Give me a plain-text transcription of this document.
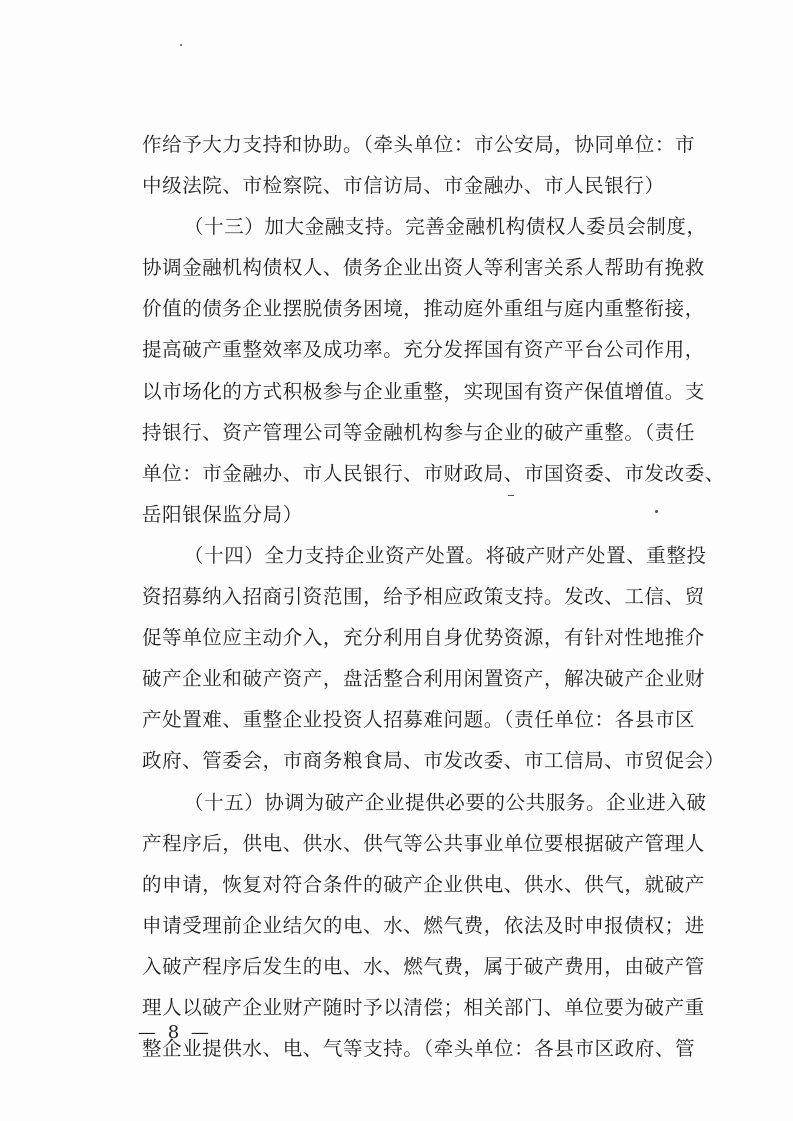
作给予大力支持和协助。（牵头单位：市公安局，协同单位：市
中级法院、市检察院、市信访局、市金融办、市人民银行）
（十三）加大金融支持。完善金融机构债权人委员会制度，
协调金融机构债权人、债务企业出资人等利害关系人帮助有挽救
价值的债务企业摆脱债务困境，推动庭外重组与庭内重整衔接，
提高破产重整效率及成功率。充分发挥国有资产平台公司作用，
以市场化的方式积极参与企业重整，实现国有资产保值增值。支
持银行、资产管理公司等金融机构参与企业的破产重整。（责任
单位：市金融办、市人民银行、市财政局、市国资委、市发改委、
岳阳银保监分局）
（十四）全力支持企业资产处置。将破产财产处置、重整投
资招募纳入招商引资范围，给予相应政策支持。发改、工信、贸
促等单位应主动介入，充分利用自身优势资源，有针对性地推介
破产企业和破产资产，盘活整合利用闲置资产，解决破产企业财
产处置难、重整企业投资人招募难问题。（责任单位：各县市区
政府、管委会，市商务粮食局、市发改委、市工信局、市贸促会）
（十五）协调为破产企业提供必要的公共服务。企业进入破
产程序后，供电、供水、供气等公共事业单位要根据破产管理人
的申请，恢复对符合条件的破产企业供电、供水、供气，就破产
申请受理前企业结欠的电、水、燃气费，依法及时申报债权；进
入破产程序后发生的电、水、燃气费，属于破产费用，由破产管
理人以破产企业财产随时予以清偿；相关部门、单位要为破产重
整企业提供水、电、气等支持。（牵头单位：各县市区政府、管
— 8 —
